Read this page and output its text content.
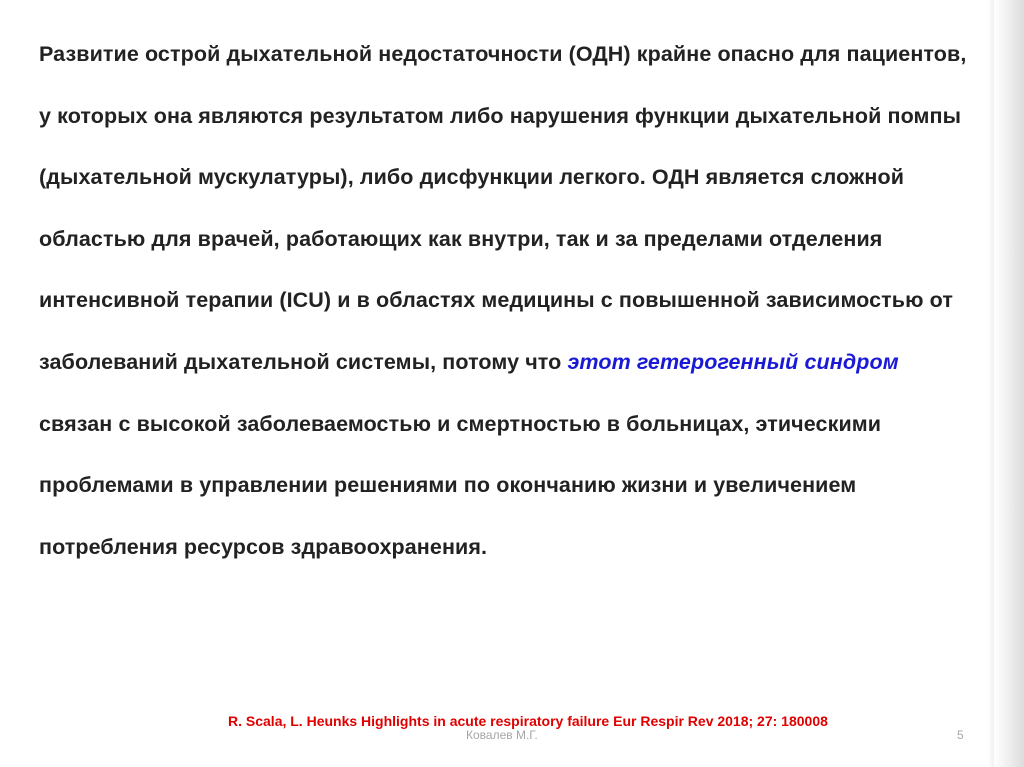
Развитие острой дыхательной недостаточности (ОДН) крайне опасно для пациентов, у которых она являются результатом либо нарушения функции дыхательной помпы (дыхательной мускулатуры), либо дисфункции легкого. ОДН является сложной областью для врачей, работающих как внутри, так и за пределами отделения интенсивной терапии (ICU) и в областях медицины с повышенной зависимостью от заболеваний дыхательной системы, потому что этот гетерогенный синдром связан с высокой заболеваемостью и смертностью в больницах, этическими проблемами в управлении решениями по окончанию жизни и увеличением потребления ресурсов здравоохранения.

R. Scala, L. Heunks Highlights in acute respiratory failure Eur Respir Rev 2018; 27: 180008
Ковалев М.Г.	5
